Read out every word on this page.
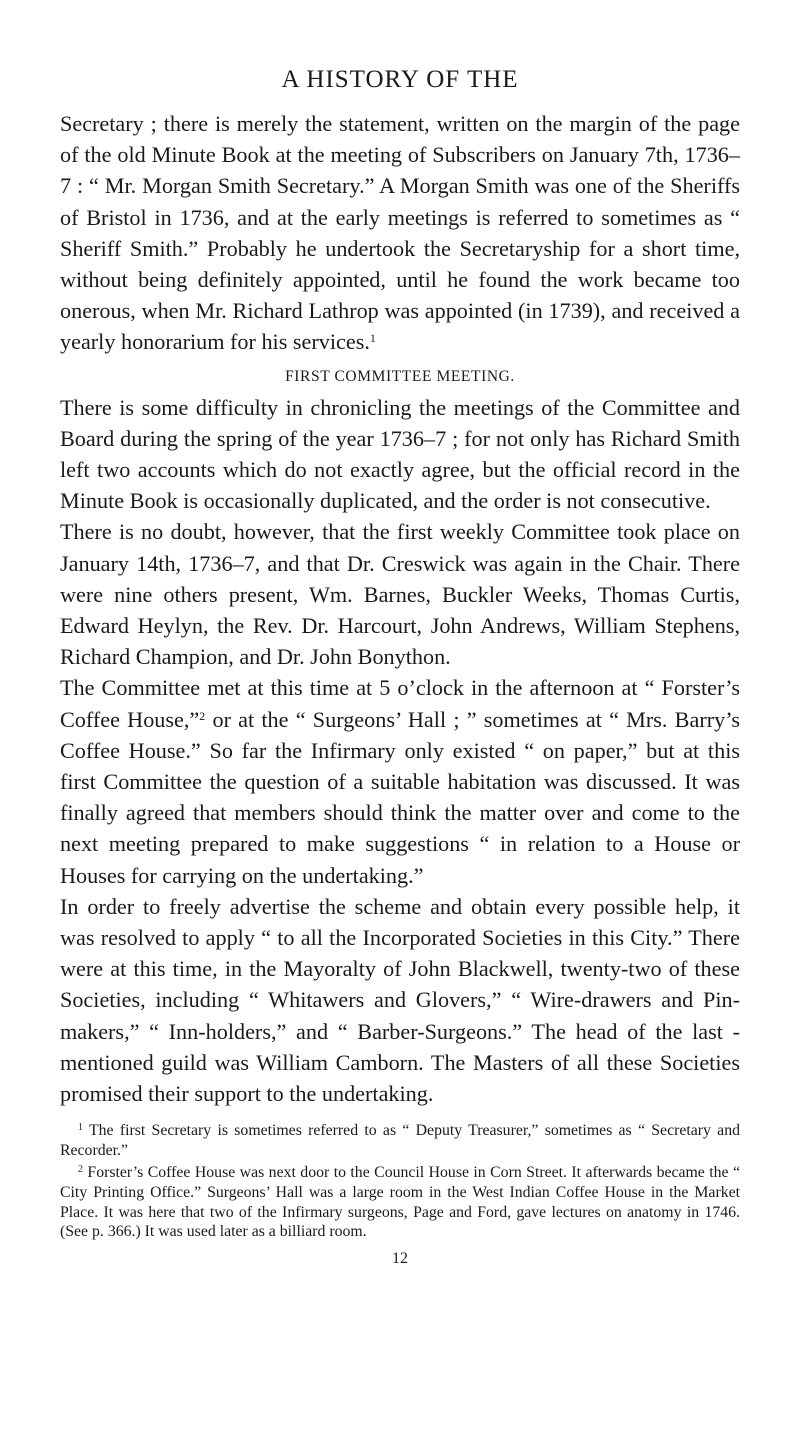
A HISTORY OF THE

Secretary ; there is merely the statement, written on the margin of the page of the old Minute Book at the meeting of Subscribers on January 7th, 1736–7 : “ Mr. Morgan Smith Secretary.” A Morgan Smith was one of the Sheriffs of Bristol in 1736, and at the early meetings is referred to sometimes as “ Sheriff Smith.” Probably he undertook the Secretaryship for a short time, without being definitely appointed, until he found the work became too onerous, when Mr. Richard Lathrop was appointed (in 1739), and received a yearly honorarium for his services.$^1$

FIRST COMMITTEE MEETING.

There is some difficulty in chronicling the meetings of the Committee and Board during the spring of the year 1736–7 ; for not only has Richard Smith left two accounts which do not exactly agree, but the official record in the Minute Book is occasionally duplicated, and the order is not consecutive.

There is no doubt, however, that the first weekly Committee took place on January 14th, 1736–7, and that Dr. Creswick was again in the Chair. There were nine others present, Wm. Barnes, Buckler Weeks, Thomas Curtis, Edward Heylyn, the Rev. Dr. Harcourt, John Andrews, William Stephens, Richard Champion, and Dr. John Bonython.

The Committee met at this time at 5 o’clock in the afternoon at “ Forster’s Coffee House,”$^2$ or at the “ Surgeons’ Hall ; ” sometimes at “ Mrs. Barry’s Coffee House.” So far the Infirmary only existed “ on paper,” but at this first Committee the question of a suitable habitation was discussed. It was finally agreed that members should think the matter over and come to the next meeting prepared to make suggestions “ in relation to a House or Houses for carrying on the undertaking.”

In order to freely advertise the scheme and obtain every possible help, it was resolved to apply “ to all the Incorporated Societies in this City.” There were at this time, in the Mayoralty of John Blackwell, twenty-two of these Societies, including “ Whitawers and Glovers,” “ Wire-drawers and Pin-makers,” “ Inn-holders,” and “ Barber-Surgeons.” The head of the last - mentioned guild was William Camborn. The Masters of all these Societies promised their support to the undertaking.

$^1$ The first Secretary is sometimes referred to as “ Deputy Treasurer,” sometimes as “ Secretary and Recorder.”

$^2$ Forster’s Coffee House was next door to the Council House in Corn Street. It afterwards became the “ City Printing Office.” Surgeons’ Hall was a large room in the West Indian Coffee House in the Market Place. It was here that two of the Infirmary surgeons, Page and Ford, gave lectures on anatomy in 1746. (See p. 366.) It was used later as a billiard room.

12
